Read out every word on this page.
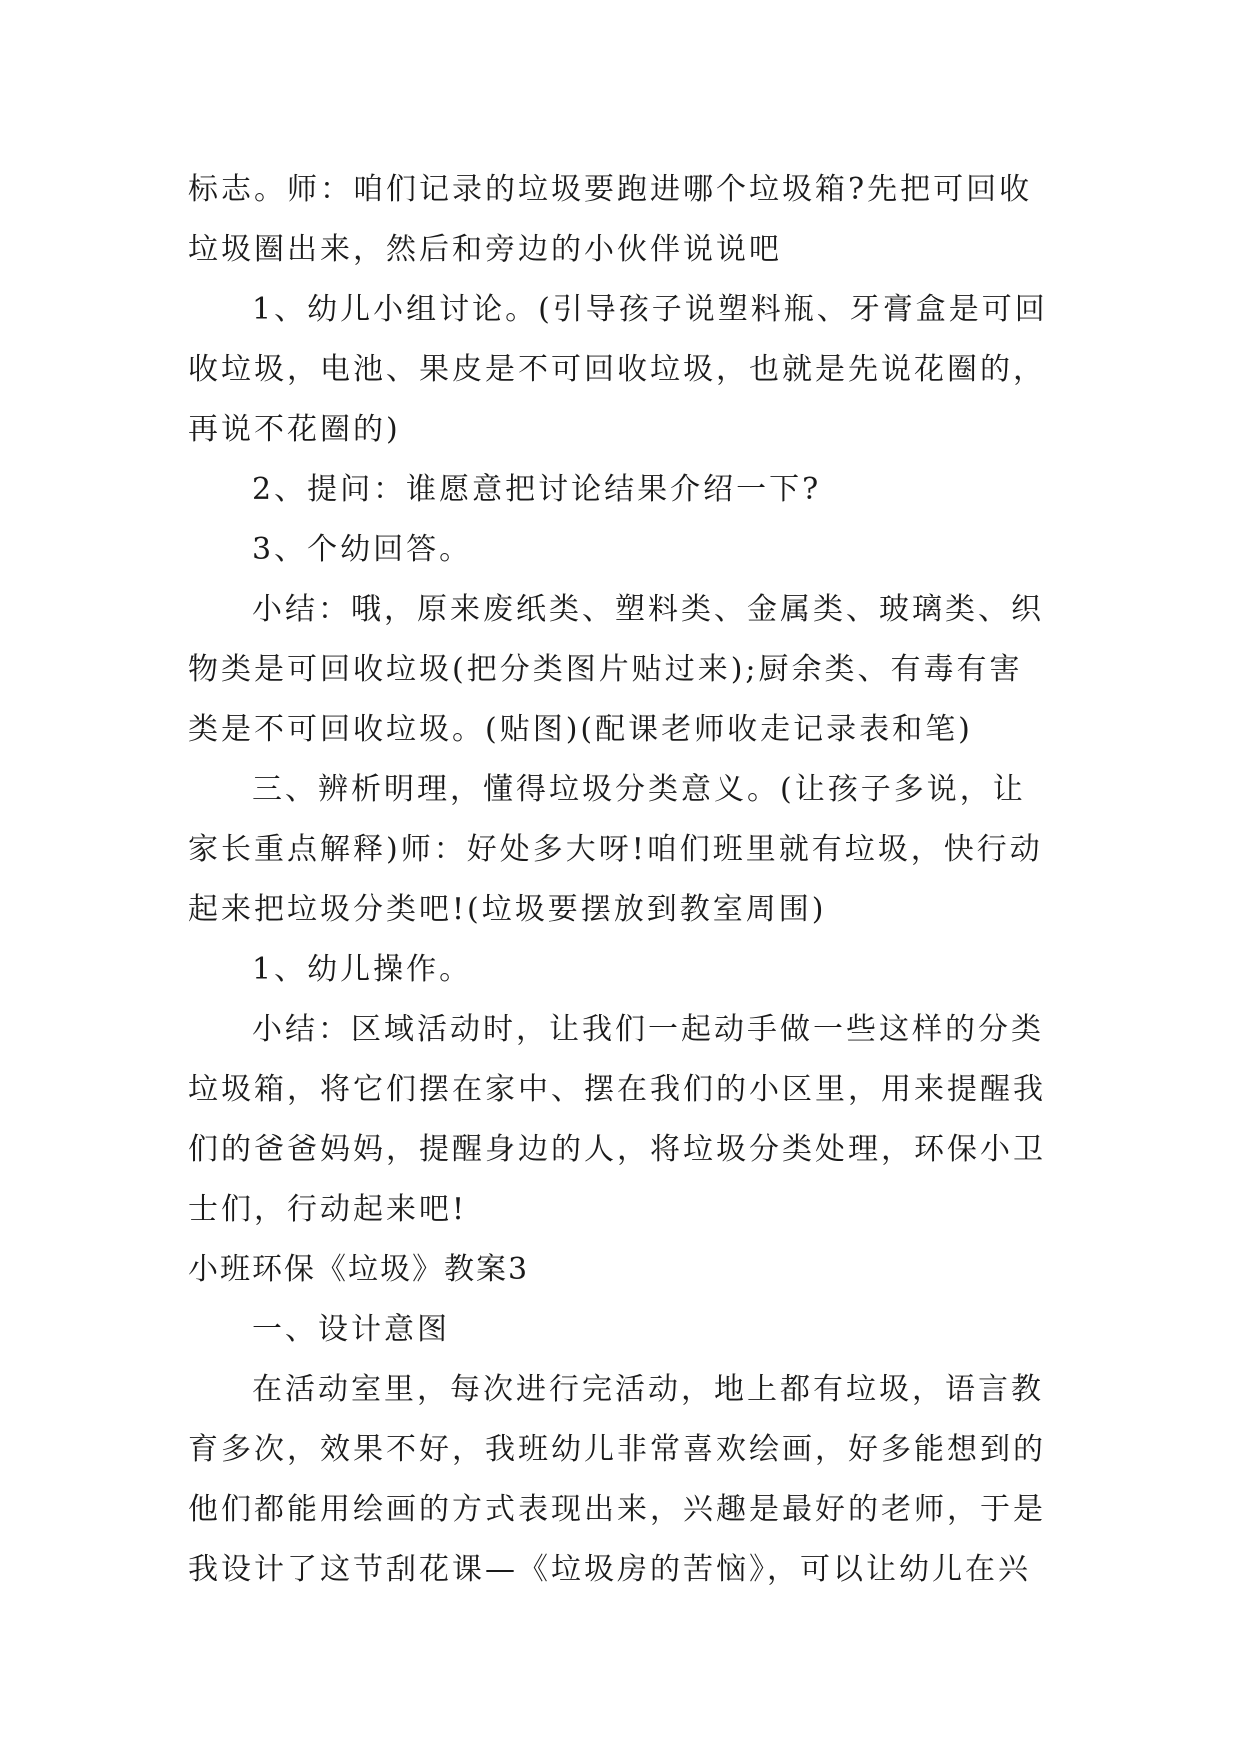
标志。师：咱们记录的垃圾要跑进哪个垃圾箱?先把可回收
垃圾圈出来，然后和旁边的小伙伴说说吧
1、幼儿小组讨论。(引导孩子说塑料瓶、牙膏盒是可回
收垃圾，电池、果皮是不可回收垃圾，也就是先说花圈的，
再说不花圈的)
2、提问：谁愿意把讨论结果介绍一下?
3、个幼回答。
小结：哦，原来废纸类、塑料类、金属类、玻璃类、织
物类是可回收垃圾(把分类图片贴过来);厨余类、有毒有害
类是不可回收垃圾。(贴图)(配课老师收走记录表和笔)
三、辨析明理，懂得垃圾分类意义。(让孩子多说，让
家长重点解释)师：好处多大呀!咱们班里就有垃圾，快行动
起来把垃圾分类吧!(垃圾要摆放到教室周围)
1、幼儿操作。
小结：区域活动时，让我们一起动手做一些这样的分类
垃圾箱，将它们摆在家中、摆在我们的小区里，用来提醒我
们的爸爸妈妈，提醒身边的人，将垃圾分类处理，环保小卫
士们，行动起来吧!
小班环保《垃圾》教案3
一、设计意图
在活动室里，每次进行完活动，地上都有垃圾，语言教
育多次，效果不好，我班幼儿非常喜欢绘画，好多能想到的
他们都能用绘画的方式表现出来，兴趣是最好的老师，于是
我设计了这节刮花课—《垃圾房的苦恼》，可以让幼儿在兴
